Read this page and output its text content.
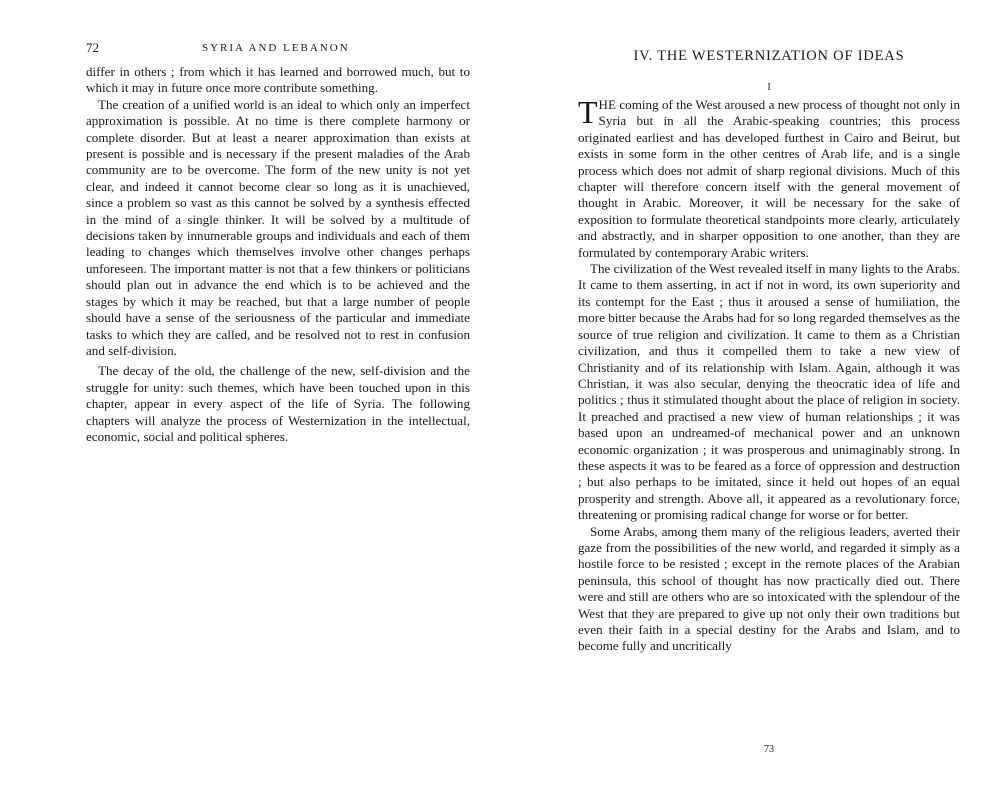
72	SYRIA AND LEBANON

differ in others ; from which it has learned and borrowed much, but to which it may in future once more contribute something.

The creation of a unified world is an ideal to which only an imperfect approximation is possible. At no time is there complete harmony or complete disorder. But at least a nearer approximation than exists at present is possible and is necessary if the present maladies of the Arab community are to be overcome. The form of the new unity is not yet clear, and indeed it cannot become clear so long as it is unachieved, since a problem so vast as this cannot be solved by a synthesis effected in the mind of a single thinker. It will be solved by a multitude of decisions taken by innumerable groups and individuals and each of them leading to changes which themselves involve other changes perhaps unforeseen. The important matter is not that a few thinkers or politicians should plan out in advance the end which is to be achieved and the stages by which it may be reached, but that a large number of people should have a sense of the seriousness of the particular and immediate tasks to which they are called, and be resolved not to rest in confusion and self-division.

The decay of the old, the challenge of the new, self-division and the struggle for unity: such themes, which have been touched upon in this chapter, appear in every aspect of the life of Syria. The following chapters will analyze the process of Westernization in the intellectual, economic, social and political spheres.

IV. THE WESTERNIZATION OF IDEAS
I

THE coming of the West aroused a new process of thought not only in Syria but in all the Arabic-speaking countries; this process originated earliest and has developed furthest in Cairo and Beirut, but exists in some form in the other centres of Arab life, and is a single process which does not admit of sharp regional divisions. Much of this chapter will therefore concern itself with the general movement of thought in Arabic. Moreover, it will be necessary for the sake of exposition to formulate theoretical standpoints more clearly, articulately and abstractly, and in sharper opposition to one another, than they are formulated by contemporary Arabic writers.

The civilization of the West revealed itself in many lights to the Arabs. It came to them asserting, in act if not in word, its own superiority and its contempt for the East ; thus it aroused a sense of humiliation, the more bitter because the Arabs had for so long regarded themselves as the source of true religion and civilization. It came to them as a Christian civilization, and thus it compelled them to take a new view of Christianity and of its relationship with Islam. Again, although it was Christian, it was also secular, denying the theocratic idea of life and politics ; thus it stimulated thought about the place of religion in society. It preached and practised a new view of human relationships ; it was based upon an undreamed-of mechanical power and an unknown economic organization ; it was prosperous and unimaginably strong. In these aspects it was to be feared as a force of oppression and destruction ; but also perhaps to be imitated, since it held out hopes of an equal prosperity and strength. Above all, it appeared as a revolutionary force, threatening or promising radical change for worse or for better.

Some Arabs, among them many of the religious leaders, averted their gaze from the possibilities of the new world, and regarded it simply as a hostile force to be resisted ; except in the remote places of the Arabian peninsula, this school of thought has now practically died out. There were and still are others who are so intoxicated with the splendour of the West that they are prepared to give up not only their own traditions but even their faith in a special destiny for the Arabs and Islam, and to become fully and uncritically

73
